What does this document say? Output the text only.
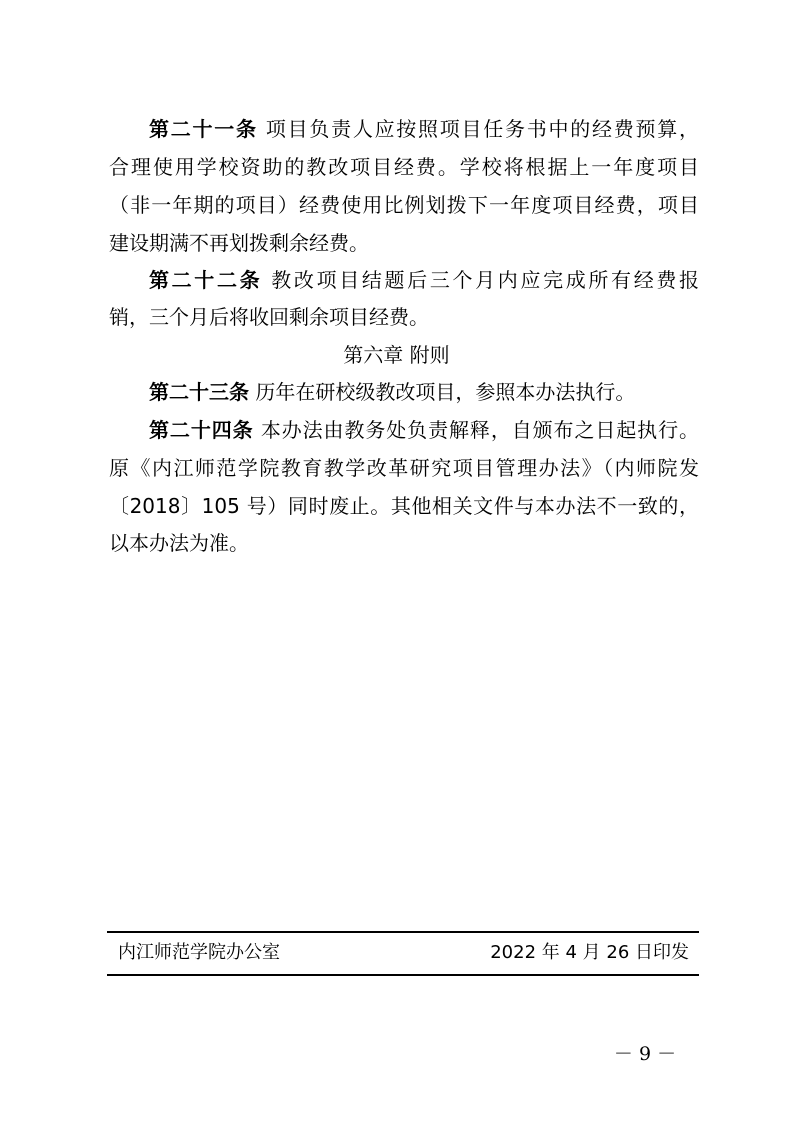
第二十一条 项目负责人应按照项目任务书中的经费预算，
合理使用学校资助的教改项目经费。学校将根据上一年度项目
（非一年期的项目）经费使用比例划拨下一年度项目经费，项目
建设期满不再划拨剩余经费。
第二十二条 教改项目结题后三个月内应完成所有经费报
销，三个月后将收回剩余项目经费。
第六章 附则
第二十三条 历年在研校级教改项目，参照本办法执行。
第二十四条 本办法由教务处负责解释，自颁布之日起执行。
原《内江师范学院教育教学改革研究项目管理办法》（内师院发
〔2018〕105 号）同时废止。其他相关文件与本办法不一致的，
以本办法为准。
内江师范学院办公室	2022 年 4 月 26 日印发
－ 9 －
